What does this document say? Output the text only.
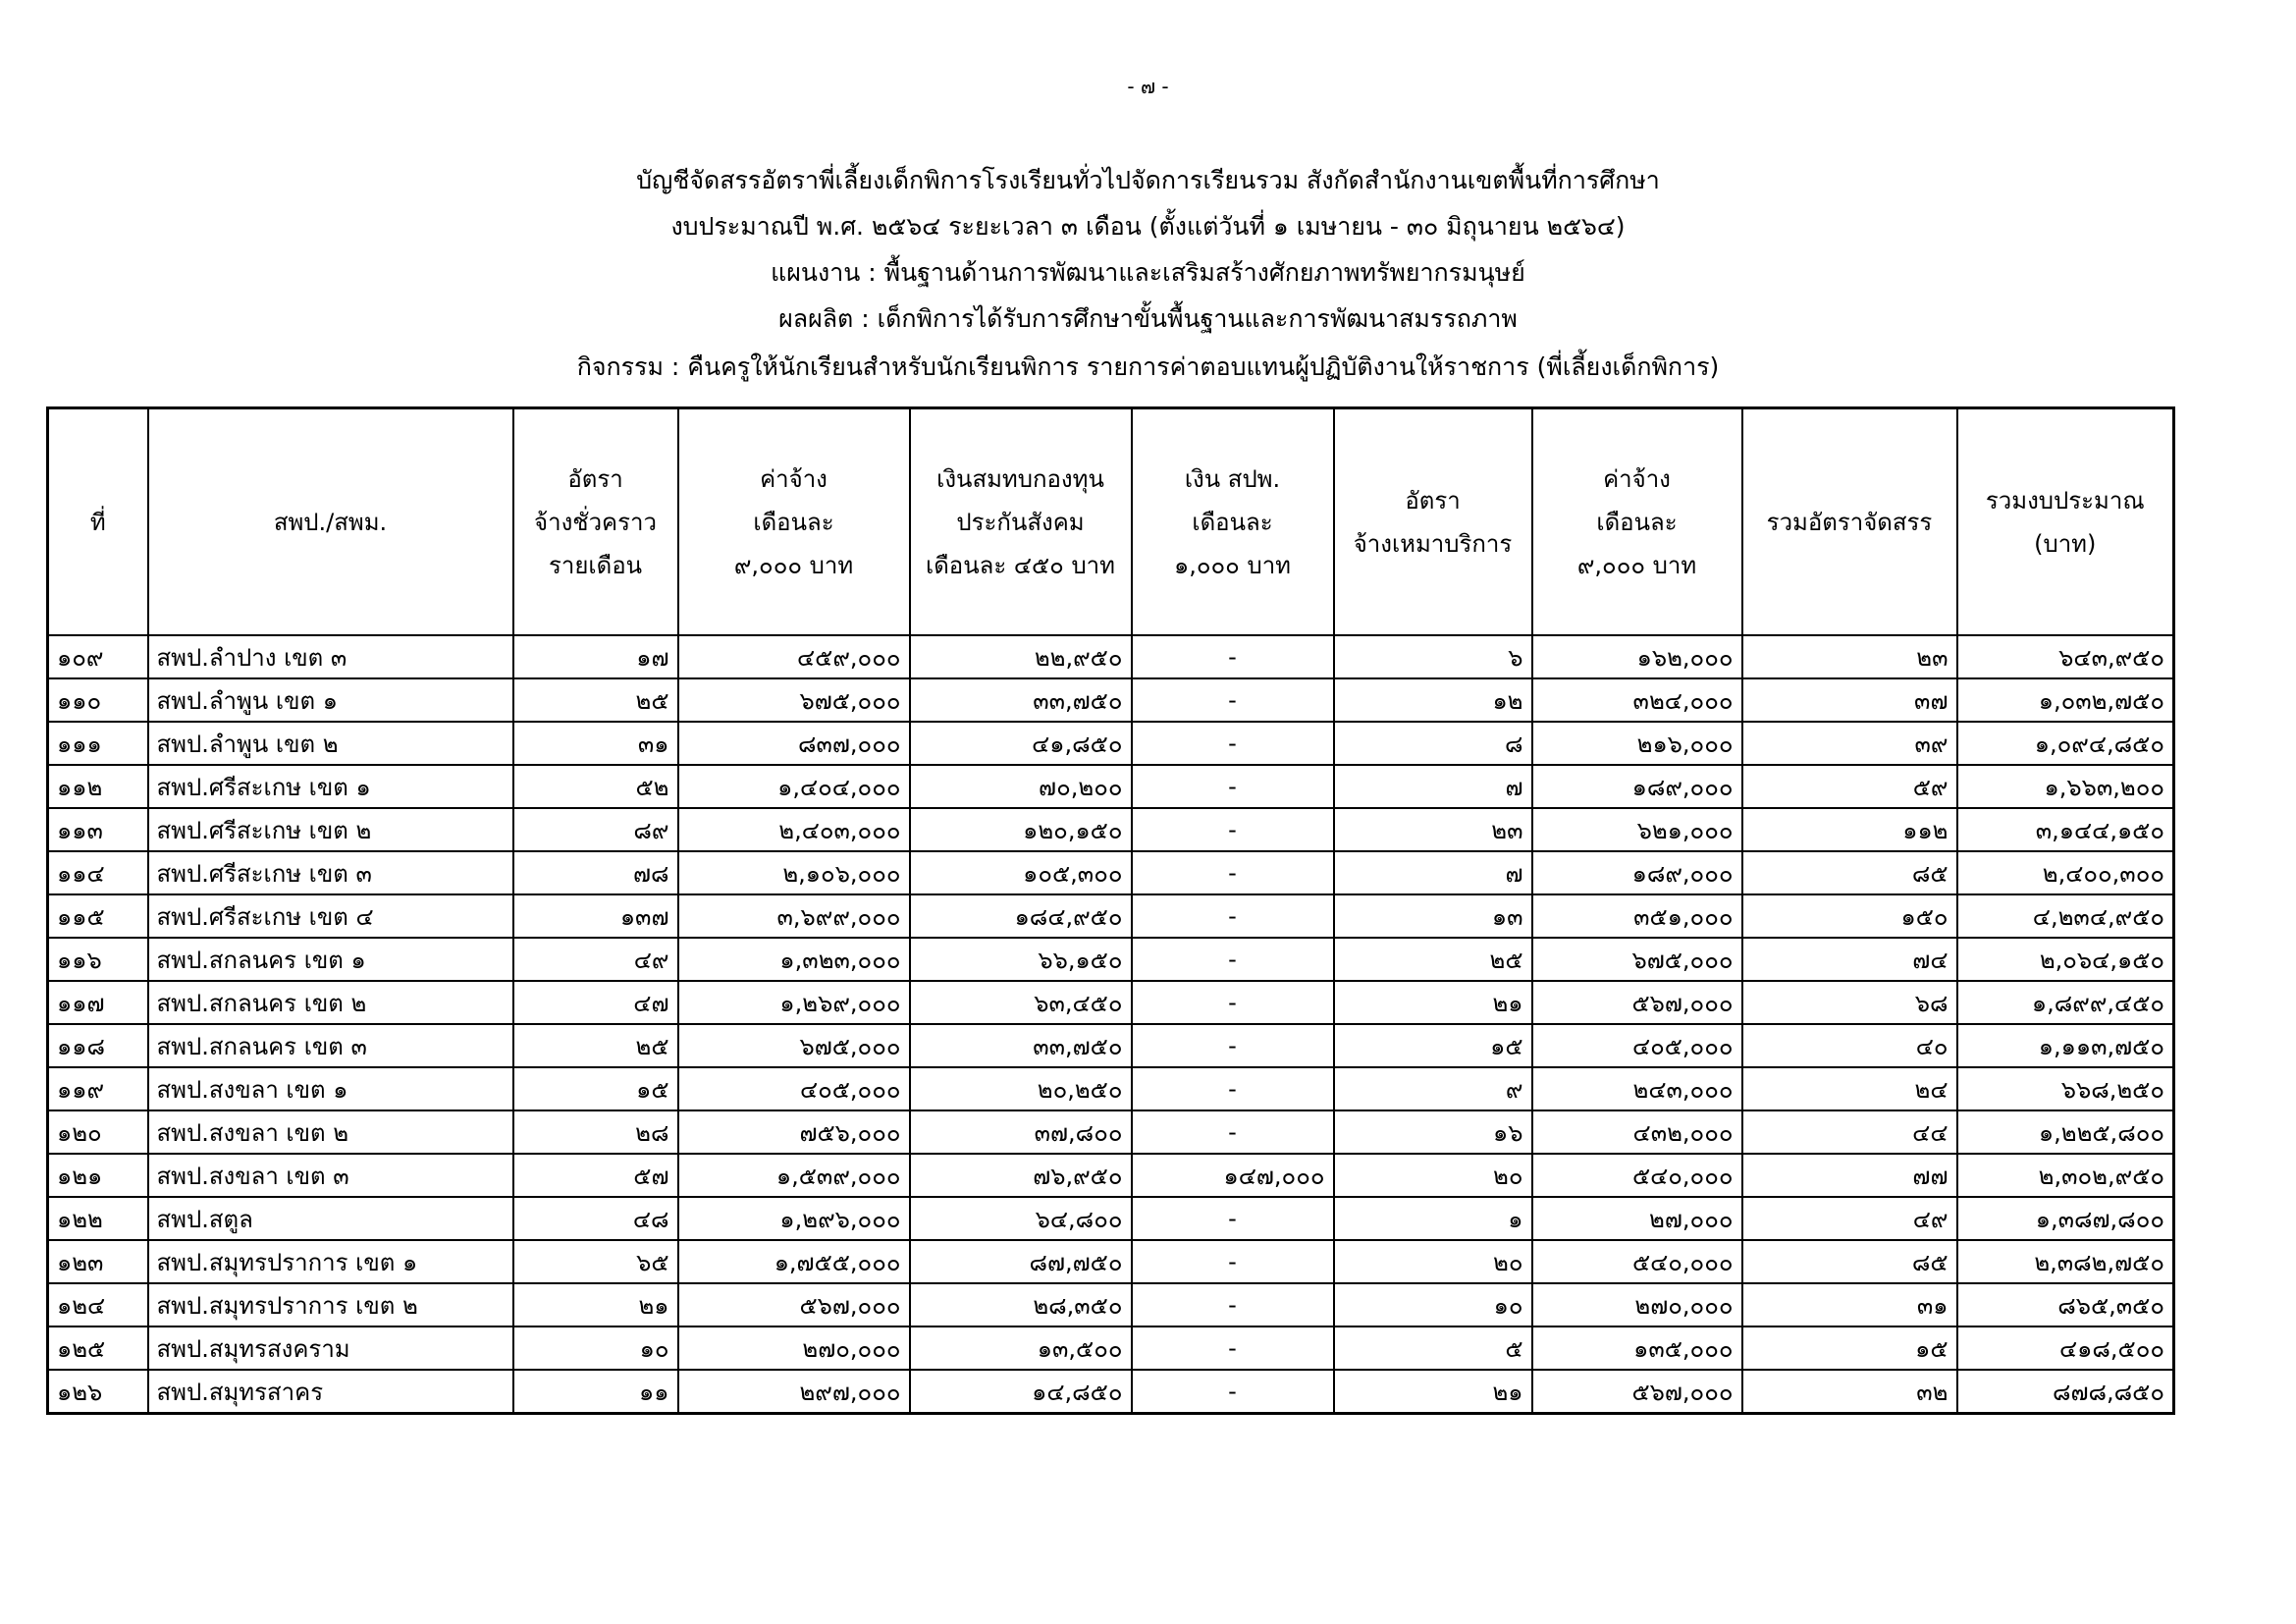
- ๗ -
บัญชีจัดสรรอัตราพี่เลี้ยงเด็กพิการโรงเรียนทั่วไปจัดการเรียนรวม สังกัดสำนักงานเขตพื้นที่การศึกษา
งบประมาณปี พ.ศ. ๒๕๖๔ ระยะเวลา ๓ เดือน (ตั้งแต่วันที่ ๑ เมษายน - ๓๐ มิถุนายน ๒๕๖๔)
แผนงาน : พื้นฐานด้านการพัฒนาและเสริมสร้างศักยภาพทรัพยากรมนุษย์
ผลผลิต : เด็กพิการได้รับการศึกษาขั้นพื้นฐานและการพัฒนาสมรรถภาพ
กิจกรรม : คืนครูให้นักเรียนสำหรับนักเรียนพิการ รายการค่าตอบแทนผู้ปฏิบัติงานให้ราชการ (พี่เลี้ยงเด็กพิการ)
ที่	สพป./สพม.	อัตรา
จ้างชั่วคราว
รายเดือน	ค่าจ้าง
เดือนละ
๙,๐๐๐ บาท	เงินสมทบกองทุน
ประกันสังคม
เดือนละ ๔๕๐ บาท	เงิน สปพ.
เดือนละ
๑,๐๐๐ บาท	อัตรา
จ้างเหมาบริการ	ค่าจ้าง
เดือนละ
๙,๐๐๐ บาท	รวมอัตราจัดสรร	รวมงบประมาณ
(บาท)

๑๐๙	สพป.ลำปาง เขต ๓	๑๗	๔๕๙,๐๐๐	๒๒,๙๕๐	-	๖	๑๖๒,๐๐๐	๒๓	๖๔๓,๙๕๐
๑๑๐	สพป.ลำพูน เขต ๑	๒๕	๖๗๕,๐๐๐	๓๓,๗๕๐	-	๑๒	๓๒๔,๐๐๐	๓๗	๑,๐๓๒,๗๕๐
๑๑๑	สพป.ลำพูน เขต ๒	๓๑	๘๓๗,๐๐๐	๔๑,๘๕๐	-	๘	๒๑๖,๐๐๐	๓๙	๑,๐๙๔,๘๕๐
๑๑๒	สพป.ศรีสะเกษ เขต ๑	๕๒	๑,๔๐๔,๐๐๐	๗๐,๒๐๐	-	๗	๑๘๙,๐๐๐	๕๙	๑,๖๖๓,๒๐๐
๑๑๓	สพป.ศรีสะเกษ เขต ๒	๘๙	๒,๔๐๓,๐๐๐	๑๒๐,๑๕๐	-	๒๓	๖๒๑,๐๐๐	๑๑๒	๓,๑๔๔,๑๕๐
๑๑๔	สพป.ศรีสะเกษ เขต ๓	๗๘	๒,๑๐๖,๐๐๐	๑๐๕,๓๐๐	-	๗	๑๘๙,๐๐๐	๘๕	๒,๔๐๐,๓๐๐
๑๑๕	สพป.ศรีสะเกษ เขต ๔	๑๓๗	๓,๖๙๙,๐๐๐	๑๘๔,๙๕๐	-	๑๓	๓๕๑,๐๐๐	๑๕๐	๔,๒๓๔,๙๕๐
๑๑๖	สพป.สกลนคร เขต ๑	๔๙	๑,๓๒๓,๐๐๐	๖๖,๑๕๐	-	๒๕	๖๗๕,๐๐๐	๗๔	๒,๐๖๔,๑๕๐
๑๑๗	สพป.สกลนคร เขต ๒	๔๗	๑,๒๖๙,๐๐๐	๖๓,๔๕๐	-	๒๑	๕๖๗,๐๐๐	๖๘	๑,๘๙๙,๔๕๐
๑๑๘	สพป.สกลนคร เขต ๓	๒๕	๖๗๕,๐๐๐	๓๓,๗๕๐	-	๑๕	๔๐๕,๐๐๐	๔๐	๑,๑๑๓,๗๕๐
๑๑๙	สพป.สงขลา เขต ๑	๑๕	๔๐๕,๐๐๐	๒๐,๒๕๐	-	๙	๒๔๓,๐๐๐	๒๔	๖๖๘,๒๕๐
๑๒๐	สพป.สงขลา เขต ๒	๒๘	๗๕๖,๐๐๐	๓๗,๘๐๐	-	๑๖	๔๓๒,๐๐๐	๔๔	๑,๒๒๕,๘๐๐
๑๒๑	สพป.สงขลา เขต ๓	๕๗	๑,๕๓๙,๐๐๐	๗๖,๙๕๐	๑๔๗,๐๐๐	๒๐	๕๔๐,๐๐๐	๗๗	๒,๓๐๒,๙๕๐
๑๒๒	สพป.สตูล	๔๘	๑,๒๙๖,๐๐๐	๖๔,๘๐๐	-	๑	๒๗,๐๐๐	๔๙	๑,๓๘๗,๘๐๐
๑๒๓	สพป.สมุทรปราการ เขต ๑	๖๕	๑,๗๕๕,๐๐๐	๘๗,๗๕๐	-	๒๐	๕๔๐,๐๐๐	๘๕	๒,๓๘๒,๗๕๐
๑๒๔	สพป.สมุทรปราการ เขต ๒	๒๑	๕๖๗,๐๐๐	๒๘,๓๕๐	-	๑๐	๒๗๐,๐๐๐	๓๑	๘๖๕,๓๕๐
๑๒๕	สพป.สมุทรสงคราม	๑๐	๒๗๐,๐๐๐	๑๓,๕๐๐	-	๕	๑๓๕,๐๐๐	๑๕	๔๑๘,๕๐๐
๑๒๖	สพป.สมุทรสาคร	๑๑	๒๙๗,๐๐๐	๑๔,๘๕๐	-	๒๑	๕๖๗,๐๐๐	๓๒	๘๗๘,๘๕๐
